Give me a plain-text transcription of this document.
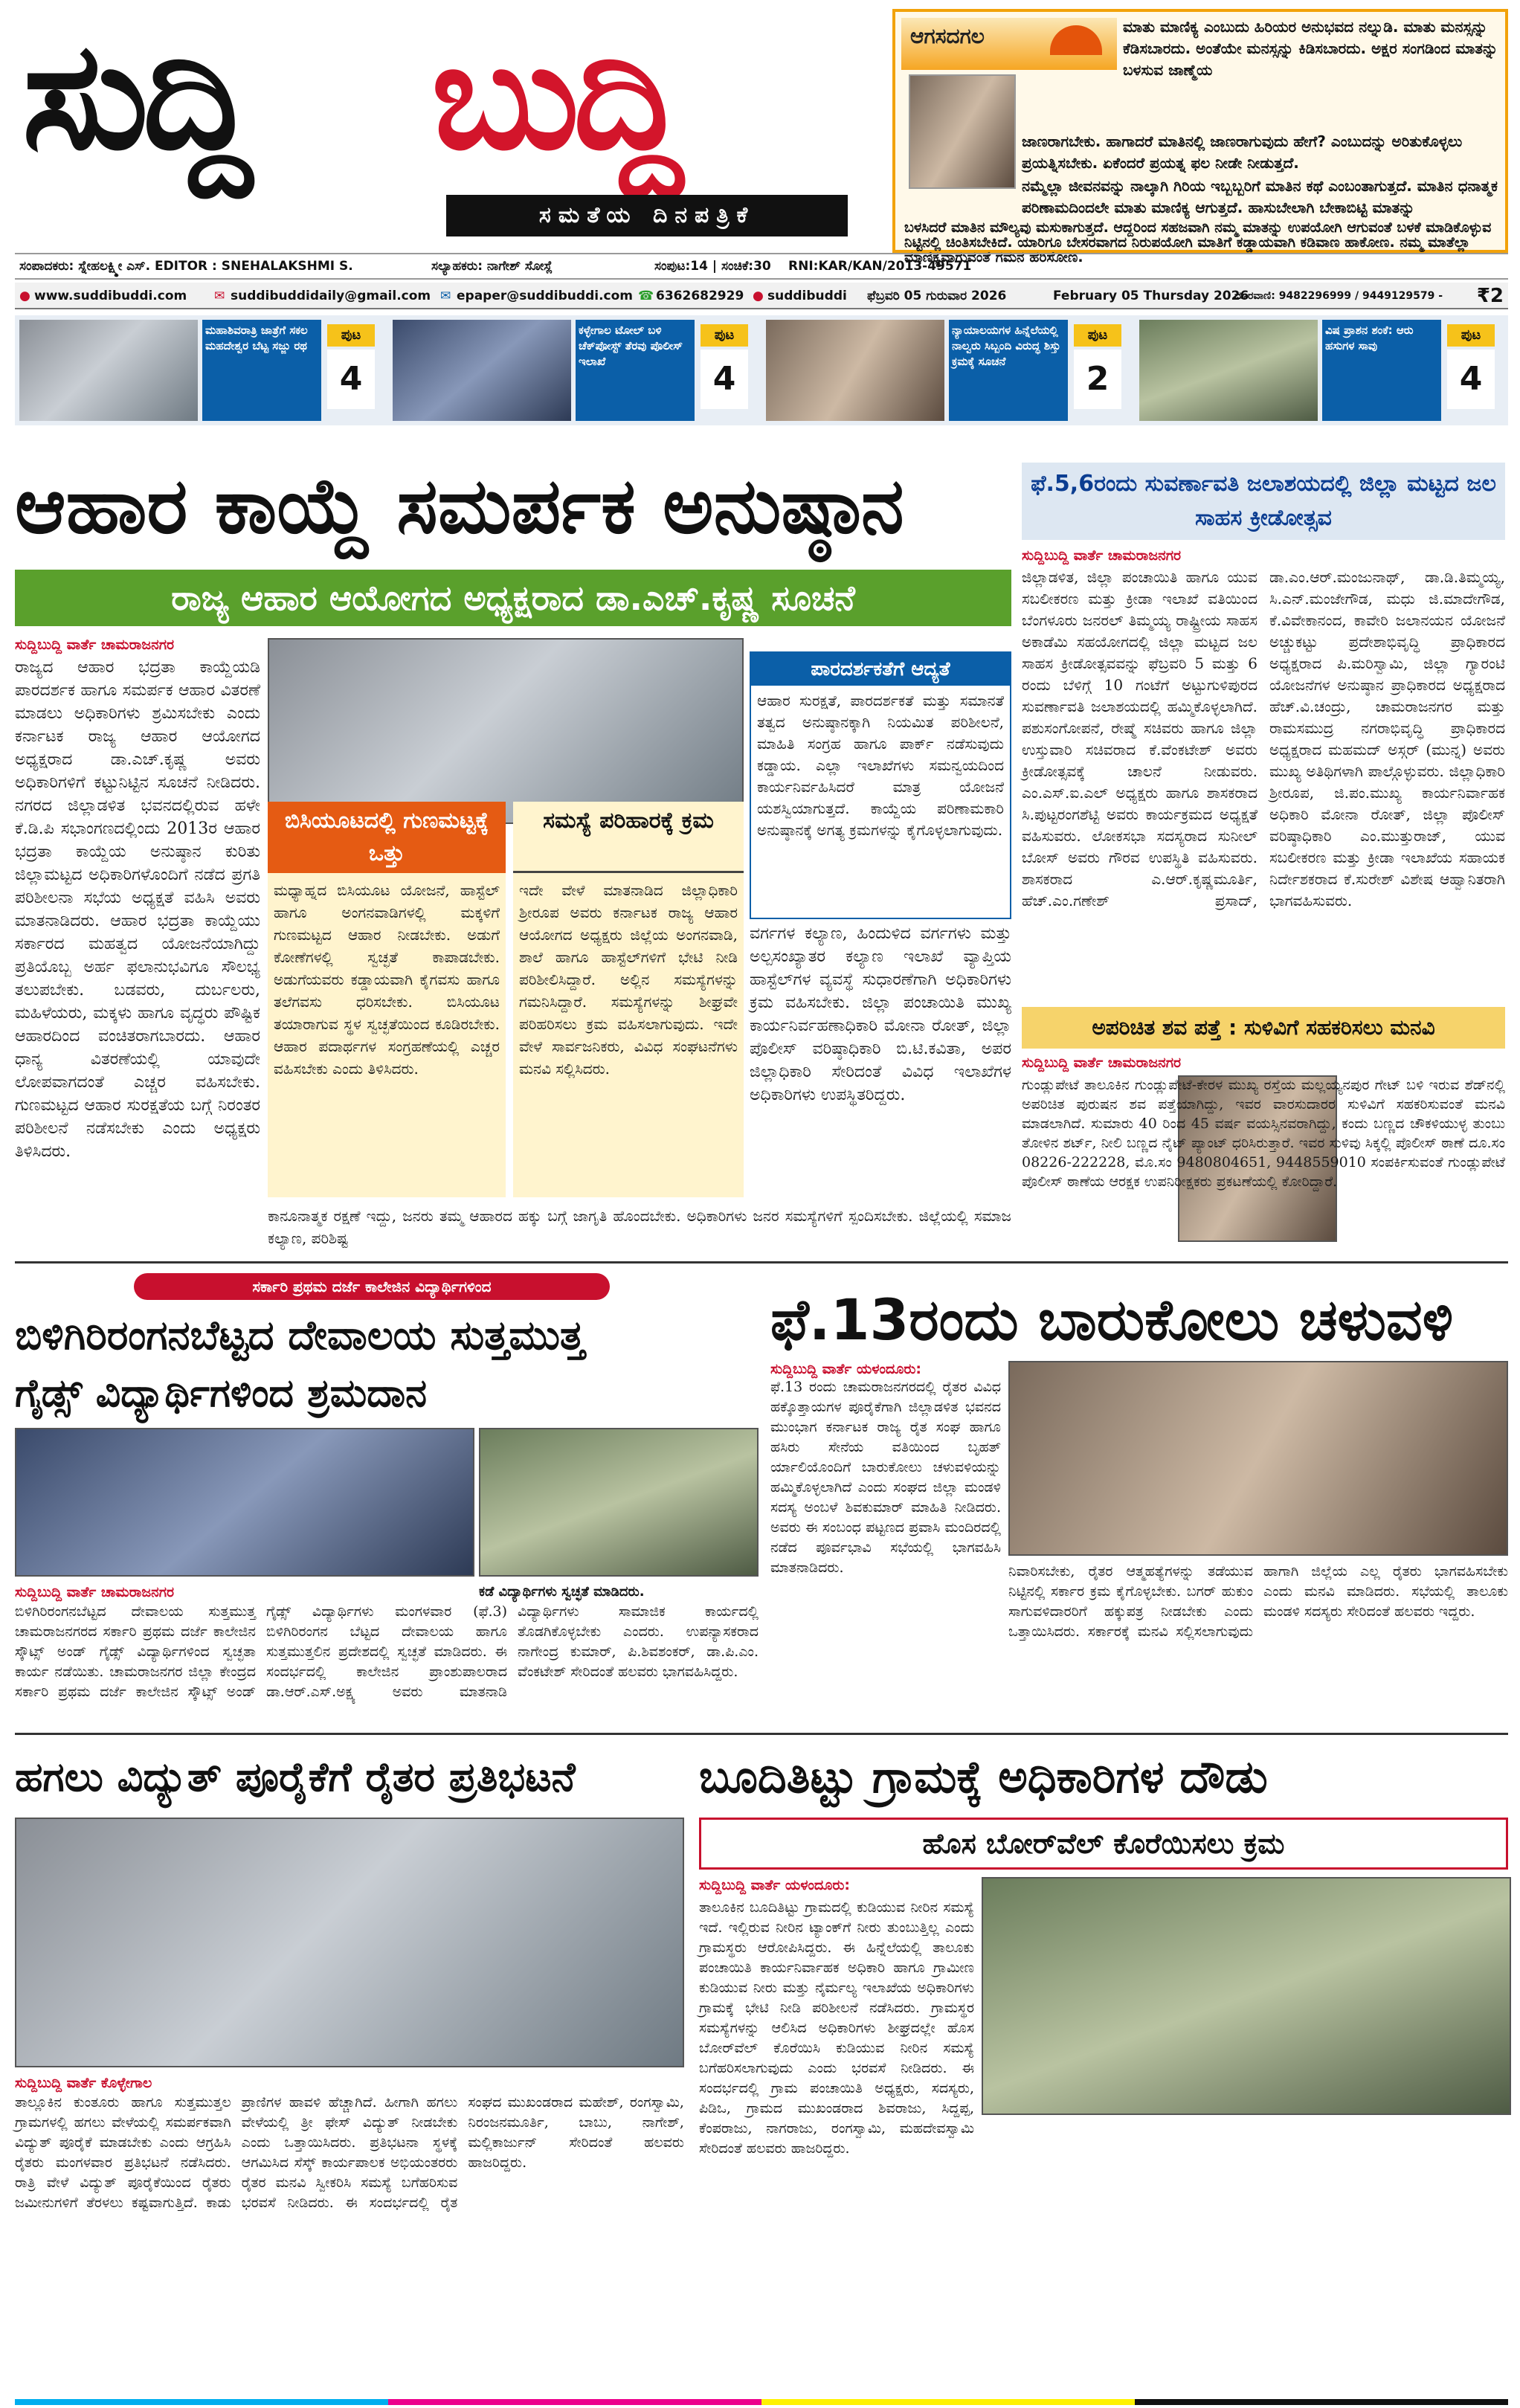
ಸುದ್ದಿ ಬುದ್ದಿ
ಸಮತೆಯ ದಿನಪತ್ರಿಕೆ
ಆಗಸದಗಲ	ಮಾತು ಮಾಣಿಕ್ಯ ಎಂಬುದು ಹಿರಿಯರ ಅನುಭವದ ನಲ್ನುಡಿ. ಮಾತು ಮನಸ್ಸನ್ನು ಕೆಡಿಸಬಾರದು. ಅಂತೆಯೇ ಮನಸ್ಸನ್ನು ಕಿಡಿಸಬಾರದು. ಅಕ್ಷರ ಸಂಗಡಿಂದ ಮಾತನ್ನು ಬಳಸುವ ಜಾಣ್ಮೆಯ
ಜಾಣರಾಗಬೇಕು. ಹಾಗಾದರೆ ಮಾತಿನಲ್ಲಿ ಜಾಣರಾಗುವುದು ಹೇಗೆ? ಎಂಬುದನ್ನು ಅರಿತುಕೊಳ್ಳಲು ಪ್ರಯತ್ನಿಸಬೇಕು. ಏಕೆಂದರೆ ಪ್ರಯತ್ನ ಫಲ ನೀಡೇ ನೀಡುತ್ತದೆ.
ನಮ್ಮೆಲ್ಲಾ ಜೀವನವನ್ನು ನಾಲ್ಕಾಗಿ ಗಿರಿಯ ಇಬ್ಬಬ್ಬರಿಗೆ ಮಾತಿನ ಕಥೆ ಎಂಬಂತಾಗುತ್ತದೆ. ಮಾತಿನ ಧನಾತ್ಮಕ ಪರಿಣಾಮದಿಂದಲೇ ಮಾತು ಮಾಣಿಕ್ಯ ಆಗುತ್ತದೆ. ಹಾಸುಬೇಲಾಗಿ ಬೇಕಾಬಿಟ್ಟಿ ಮಾತನ್ನು
ಬಳಸಿದರೆ ಮಾತಿನ ಮೌಲ್ಯವು ಮಸುಕಾಗುತ್ತದೆ. ಆದ್ದರಿಂದ ಸಹಜವಾಗಿ ನಮ್ಮ ಮಾತನ್ನು ಉಪಯೋಗಿ ಆಗುವಂತೆ ಬಳಕೆ ಮಾಡಿಕೊಳ್ಳುವ ನಿಟ್ಟಿನಲ್ಲಿ ಚಿಂತಿಸಬೇಕಿದೆ. ಯಾರಿಗೂ ಬೇಸರವಾಗದ ನಿರುಪಯೋಗಿ ಮಾತಿಗೆ ಕಡ್ಡಾಯವಾಗಿ ಕಡಿವಾಣ ಹಾಕೋಣ. ನಮ್ಮ ಮಾತೆಲ್ಲಾ ಮಾಣಿಕ್ಯವಾಗುವಂತೆ ಗಮನ ಹರಿಸೋಣ.
ಸಂಪಾದಕರು: ಸ್ನೇಹಲಕ್ಷ್ಮೀ ಎಸ್. EDITOR : SNEHALAKSHMI S.	ಸಲ್ಯಾಹಕರು: ನಾಗೇಶ್ ಸೋಸ್ಲೆ	ಸಂಪುಟ:14 | ಸಂಚಿಕೆ:30 RNI:KAR/KAN/2013-49571
● www.suddibuddi.com ✉ suddibuddidaily@gmail.com ✉ epaper@suddibuddi.com ☎ 6362682929 ● suddibuddi ಫೆಬ್ರವರಿ 05 ಗುರುವಾರ 2026	February 05 Thursday 2026
ದೂರವಾಣಿ: 9482296999 / 9449129579 -	₹2
ಮಹಾಶಿವರಾತ್ರಿ ಜಾತ್ರೆಗೆ ಸಕಲ ಮಹದೇಶ್ವರ ಬೆಟ್ಟ ಸಜ್ಜು ರಥ
ಪುಟ
4
ಕಳ್ಳೇಗಾಲ ಟೋಲ್ ಬಳಿ ಚೆಕ್‌ಪೋಸ್ಟ್ ತೆರವು ಪೊಲೀಸ್ ಇಲಾಖೆ
ಪುಟ
4
ನ್ಯಾಯಾಲಯಗಳ ಹಿನ್ನೆಲೆಯಲ್ಲಿ ನಾಲ್ವರು ಸಿಬ್ಬಂದಿ ವಿರುದ್ಧ ಶಿಸ್ತು ಕ್ರಮಕ್ಕೆ ಸೂಚನೆ
ಪುಟ
2
ವಿಷ ಪ್ರಾಶನ ಶಂಕೆ: ಆರು ಹಸುಗಳ ಸಾವು
ಪುಟ
4
ಆಹಾರ ಕಾಯ್ದೆ ಸಮರ್ಪಕ ಅನುಷ್ಠಾನ
ರಾಜ್ಯ ಆಹಾರ ಆಯೋಗದ ಅಧ್ಯಕ್ಷರಾದ ಡಾ.ಎಚ್.ಕೃಷ್ಣ ಸೂಚನೆ
ಸುದ್ದಿಬುದ್ದಿ ವಾರ್ತೆ ಚಾಮರಾಜನಗರ
ರಾಜ್ಯದ ಆಹಾರ ಭದ್ರತಾ ಕಾಯ್ದೆಯಡಿ ಪಾರದರ್ಶಕ ಹಾಗೂ ಸಮರ್ಪಕ ಆಹಾರ ವಿತರಣೆ ಮಾಡಲು ಅಧಿಕಾರಿಗಳು ಶ್ರಮಿಸಬೇಕು ಎಂದು ಕರ್ನಾಟಕ ರಾಜ್ಯ ಆಹಾರ ಆಯೋಗದ ಅಧ್ಯಕ್ಷರಾದ ಡಾ.ಎಚ್.ಕೃಷ್ಣ ಅವರು ಅಧಿಕಾರಿಗಳಿಗೆ ಕಟ್ಟುನಿಟ್ಟಿನ ಸೂಚನೆ ನೀಡಿದರು. ನಗರದ ಜಿಲ್ಲಾಡಳಿತ ಭವನದಲ್ಲಿರುವ ಹಳೇ ಕೆ.ಡಿ.ಪಿ ಸಭಾಂಗಣದಲ್ಲಿಂದು 2013ರ ಆಹಾರ ಭದ್ರತಾ ಕಾಯ್ದೆಯ ಅನುಷ್ಠಾನ ಕುರಿತು ಜಿಲ್ಲಾಮಟ್ಟದ ಅಧಿಕಾರಿಗಳೊಂದಿಗೆ ನಡೆದ ಪ್ರಗತಿ ಪರಿಶೀಲನಾ ಸಭೆಯ ಅಧ್ಯಕ್ಷತೆ ವಹಿಸಿ ಅವರು ಮಾತನಾಡಿದರು. ಆಹಾರ ಭದ್ರತಾ ಕಾಯ್ದೆಯು ಸರ್ಕಾರದ ಮಹತ್ವದ ಯೋಜನೆಯಾಗಿದ್ದು ಪ್ರತಿಯೊಬ್ಬ ಅರ್ಹ ಫಲಾನುಭವಿಗೂ ಸೌಲಭ್ಯ ತಲುಪಬೇಕು. ಬಡವರು, ದುರ್ಬಲರು, ಮಹಿಳೆಯರು, ಮಕ್ಕಳು ಹಾಗೂ ವೃದ್ಧರು ಪೌಷ್ಟಿಕ ಆಹಾರದಿಂದ ವಂಚಿತರಾಗಬಾರದು. ಆಹಾರ ಧಾನ್ಯ ವಿತರಣೆಯಲ್ಲಿ ಯಾವುದೇ ಲೋಪವಾಗದಂತೆ ಎಚ್ಚರ ವಹಿಸಬೇಕು. ಗುಣಮಟ್ಟದ ಆಹಾರ ಸುರಕ್ಷತೆಯ ಬಗ್ಗೆ ನಿರಂತರ ಪರಿಶೀಲನೆ ನಡೆಸಬೇಕು ಎಂದು ಅಧ್ಯಕ್ಷರು ತಿಳಿಸಿದರು.
ಪಾರದರ್ಶಕತೆಗೆ ಆದ್ಯತೆ
ಆಹಾರ ಸುರಕ್ಷತೆ, ಪಾರದರ್ಶಕತೆ ಮತ್ತು ಸಮಾನತೆ ತತ್ವದ ಅನುಷ್ಠಾನಕ್ಕಾಗಿ ನಿಯಮಿತ ಪರಿಶೀಲನೆ, ಮಾಹಿತಿ ಸಂಗ್ರಹ ಹಾಗೂ ಪಾರ್ಕ್ ನಡೆಸುವುದು ಕಡ್ಡಾಯ. ಎಲ್ಲಾ ಇಲಾಖೆಗಳು ಸಮನ್ವಯದಿಂದ ಕಾರ್ಯನಿರ್ವಹಿಸಿದರೆ ಮಾತ್ರ ಯೋಜನೆ ಯಶಸ್ವಿಯಾಗುತ್ತದೆ. ಕಾಯ್ದೆಯ ಪರಿಣಾಮಕಾರಿ ಅನುಷ್ಠಾನಕ್ಕೆ ಅಗತ್ಯ ಕ್ರಮಗಳನ್ನು ಕೈಗೊಳ್ಳಲಾಗುವುದು.
ಬಿಸಿಯೂಟದಲ್ಲಿ ಗುಣಮಟ್ಟಕ್ಕೆ ಒತ್ತು
ಮಧ್ಯಾಹ್ನದ ಬಿಸಿಯೂಟ ಯೋಜನೆ, ಹಾಸ್ಟೆಲ್ ಹಾಗೂ ಅಂಗನವಾಡಿಗಳಲ್ಲಿ ಮಕ್ಕಳಿಗೆ ಗುಣಮಟ್ಟದ ಆಹಾರ ನೀಡಬೇಕು. ಅಡುಗೆ ಕೋಣೆಗಳಲ್ಲಿ ಸ್ವಚ್ಛತೆ ಕಾಪಾಡಬೇಕು. ಅಡುಗೆಯವರು ಕಡ್ಡಾಯವಾಗಿ ಕೈಗವಸು ಹಾಗೂ ತಲೆಗವಸು ಧರಿಸಬೇಕು. ಬಿಸಿಯೂಟ ತಯಾರಾಗುವ ಸ್ಥಳ ಸ್ವಚ್ಛತೆಯಿಂದ ಕೂಡಿರಬೇಕು. ಆಹಾರ ಪದಾರ್ಥಗಳ ಸಂಗ್ರಹಣೆಯಲ್ಲಿ ಎಚ್ಚರ ವಹಿಸಬೇಕು ಎಂದು ತಿಳಿಸಿದರು.
ಸಮಸ್ಯೆ ಪರಿಹಾರಕ್ಕೆ ಕ್ರಮ
ಇದೇ ವೇಳೆ ಮಾತನಾಡಿದ ಜಿಲ್ಲಾಧಿಕಾರಿ ಶ್ರೀರೂಪ ಅವರು ಕರ್ನಾಟಕ ರಾಜ್ಯ ಆಹಾರ ಆಯೋಗದ ಅಧ್ಯಕ್ಷರು ಜಿಲ್ಲೆಯ ಅಂಗನವಾಡಿ, ಶಾಲೆ ಹಾಗೂ ಹಾಸ್ಟೆಲ್‌ಗಳಿಗೆ ಭೇಟಿ ನೀಡಿ ಪರಿಶೀಲಿಸಿದ್ದಾರೆ. ಅಲ್ಲಿನ ಸಮಸ್ಯೆಗಳನ್ನು ಗಮನಿಸಿದ್ದಾರೆ. ಸಮಸ್ಯೆಗಳನ್ನು ಶೀಘ್ರವೇ ಪರಿಹರಿಸಲು ಕ್ರಮ ವಹಿಸಲಾಗುವುದು. ಇದೇ ವೇಳೆ ಸಾರ್ವಜನಿಕರು, ವಿವಿಧ ಸಂಘಟನೆಗಳು ಮನವಿ ಸಲ್ಲಿಸಿದರು.
ವರ್ಗಗಳ ಕಲ್ಯಾಣ, ಹಿಂದುಳಿದ ವರ್ಗಗಳು ಮತ್ತು ಅಲ್ಪಸಂಖ್ಯಾತರ ಕಲ್ಯಾಣ ಇಲಾಖೆ ವ್ಯಾಪ್ತಿಯ ಹಾಸ್ಟೆಲ್‌ಗಳ ವ್ಯವಸ್ಥೆ ಸುಧಾರಣೆಗಾಗಿ ಅಧಿಕಾರಿಗಳು ಕ್ರಮ ವಹಿಸಬೇಕು. ಜಿಲ್ಲಾ ಪಂಚಾಯಿತಿ ಮುಖ್ಯ ಕಾರ್ಯನಿರ್ವಹಣಾಧಿಕಾರಿ ಮೋನಾ ರೋತ್, ಜಿಲ್ಲಾ ಪೊಲೀಸ್ ವರಿಷ್ಠಾಧಿಕಾರಿ ಬಿ.ಟಿ.ಕವಿತಾ, ಅಪರ ಜಿಲ್ಲಾಧಿಕಾರಿ ಸೇರಿದಂತೆ ವಿವಿಧ ಇಲಾಖೆಗಳ ಅಧಿಕಾರಿಗಳು ಉಪಸ್ಥಿತರಿದ್ದರು.
ಕಾನೂನಾತ್ಮಕ ರಕ್ಷಣೆ ಇದ್ದು, ಜನರು ತಮ್ಮ ಆಹಾರದ ಹಕ್ಕು ಬಗ್ಗೆ ಜಾಗೃತಿ ಹೊಂದಬೇಕು. ಅಧಿಕಾರಿಗಳು ಜನರ ಸಮಸ್ಯೆಗಳಿಗೆ ಸ್ಪಂದಿಸಬೇಕು. ಜಿಲ್ಲೆಯಲ್ಲಿ ಸಮಾಜ ಕಲ್ಯಾಣ, ಪರಿಶಿಷ್ಟ
ಫೆ.5,6ರಂದು ಸುವರ್ಣಾವತಿ ಜಲಾಶಯದಲ್ಲಿ ಜಿಲ್ಲಾ ಮಟ್ಟದ ಜಲ ಸಾಹಸ ಕ್ರೀಡೋತ್ಸವ
ಸುದ್ದಿಬುದ್ದಿ ವಾರ್ತೆ ಚಾಮರಾಜನಗರ
ಜಿಲ್ಲಾಡಳಿತ, ಜಿಲ್ಲಾ ಪಂಚಾಯಿತಿ ಹಾಗೂ ಯುವ ಸಬಲೀಕರಣ ಮತ್ತು ಕ್ರೀಡಾ ಇಲಾಖೆ ವತಿಯಿಂದ ಬೆಂಗಳೂರು ಜನರಲ್ ತಿಮ್ಮಯ್ಯ ರಾಷ್ಟ್ರೀಯ ಸಾಹಸ ಅಕಾಡೆಮಿ ಸಹಯೋಗದಲ್ಲಿ ಜಿಲ್ಲಾ ಮಟ್ಟದ ಜಲ ಸಾಹಸ ಕ್ರೀಡೋತ್ಸವವನ್ನು ಫೆಬ್ರವರಿ 5 ಮತ್ತು 6 ರಂದು ಬೆಳಿಗ್ಗೆ 10 ಗಂಟೆಗೆ ಅಟ್ಟುಗುಳಿಪುರದ ಸುವರ್ಣಾವತಿ ಜಲಾಶಯದಲ್ಲಿ ಹಮ್ಮಿಕೊಳ್ಳಲಾಗಿದೆ. ಪಶುಸಂಗೋಪನೆ, ರೇಷ್ಮೆ ಸಚಿವರು ಹಾಗೂ ಜಿಲ್ಲಾ ಉಸ್ತುವಾರಿ ಸಚಿವರಾದ ಕೆ.ವೆಂಕಟೇಶ್ ಅವರು ಕ್ರೀಡೋತ್ಸವಕ್ಕೆ ಚಾಲನೆ ನೀಡುವರು. ಎಂ.ಎಸ್.ಐ.ಎಲ್ ಅಧ್ಯಕ್ಷರು ಹಾಗೂ ಶಾಸಕರಾದ ಸಿ.ಪುಟ್ಟರಂಗಶೆಟ್ಟಿ ಅವರು ಕಾರ್ಯಕ್ರಮದ ಅಧ್ಯಕ್ಷತೆ ವಹಿಸುವರು. ಲೋಕಸಭಾ ಸದಸ್ಯರಾದ ಸುನೀಲ್ ಬೋಸ್ ಅವರು ಗೌರವ ಉಪಸ್ಥಿತಿ ವಹಿಸುವರು. ಶಾಸಕರಾದ ಎ.ಆರ್.ಕೃಷ್ಣಮೂರ್ತಿ, ಹೆಚ್.ಎಂ.ಗಣೇಶ್ ಪ್ರಸಾದ್, ಡಾ.ಎಂ.ಆರ್.ಮಂಜುನಾಥ್, ಡಾ.ಡಿ.ತಿಮ್ಮಯ್ಯ, ಸಿ.ಎನ್.ಮಂಜೇಗೌಡ, ಮಧು ಜಿ.ಮಾದೇಗೌಡ, ಕೆ.ವಿವೇಕಾನಂದ, ಕಾವೇರಿ ಜಲಾನಯನ ಯೋಜನೆ ಅಚ್ಚುಕಟ್ಟು ಪ್ರದೇಶಾಭಿವೃದ್ಧಿ ಪ್ರಾಧಿಕಾರದ ಅಧ್ಯಕ್ಷರಾದ ಪಿ.ಮರಿಸ್ವಾಮಿ, ಜಿಲ್ಲಾ ಗ್ಯಾರಂಟಿ ಯೋಜನೆಗಳ ಅನುಷ್ಠಾನ ಪ್ರಾಧಿಕಾರದ ಅಧ್ಯಕ್ಷರಾದ ಹೆಚ್.ವಿ.ಚಂದ್ರು, ಚಾಮರಾಜನಗರ ಮತ್ತು ರಾಮಸಮುದ್ರ ನಗರಾಭಿವೃದ್ಧಿ ಪ್ರಾಧಿಕಾರದ ಅಧ್ಯಕ್ಷರಾದ ಮಹಮದ್ ಅಸ್ಗರ್ (ಮುನ್ನ) ಅವರು ಮುಖ್ಯ ಅತಿಥಿಗಳಾಗಿ ಪಾಲ್ಗೊಳ್ಳುವರು. ಜಿಲ್ಲಾಧಿಕಾರಿ ಶ್ರೀರೂಪ, ಜಿ.ಪಂ.ಮುಖ್ಯ ಕಾರ್ಯನಿರ್ವಾಹಕ ಅಧಿಕಾರಿ ಮೋನಾ ರೋತ್, ಜಿಲ್ಲಾ ಪೊಲೀಸ್ ವರಿಷ್ಠಾಧಿಕಾರಿ ಎಂ.ಮುತ್ತುರಾಜ್, ಯುವ ಸಬಲೀಕರಣ ಮತ್ತು ಕ್ರೀಡಾ ಇಲಾಖೆಯ ಸಹಾಯಕ ನಿರ್ದೇಶಕರಾದ ಕೆ.ಸುರೇಶ್ ವಿಶೇಷ ಆಹ್ವಾನಿತರಾಗಿ ಭಾಗವಹಿಸುವರು.
ಅಪರಿಚಿತ ಶವ ಪತ್ತೆ : ಸುಳಿವಿಗೆ ಸಹಕರಿಸಲು ಮನವಿ
ಸುದ್ದಿಬುದ್ದಿ ವಾರ್ತೆ ಚಾಮರಾಜನಗರ
ಗುಂಡ್ಲುಪೇಟೆ ತಾಲೂಕಿನ ಗುಂಡ್ಲುಪೇಟೆ-ಕೇರಳ ಮುಖ್ಯ ರಸ್ತೆಯ ಮಲ್ಲಯ್ಯನಪುರ ಗೇಟ್ ಬಳಿ ಇರುವ ಶೆಡ್‌ನಲ್ಲಿ ಅಪರಿಚಿತ ಪುರುಷನ ಶವ ಪತ್ತೆಯಾಗಿದ್ದು, ಇವರ ವಾರಸುದಾರರ ಸುಳಿವಿಗೆ ಸಹಕರಿಸುವಂತೆ ಮನವಿ ಮಾಡಲಾಗಿದೆ. ಸುಮಾರು 40 ರಿಂದ 45 ವರ್ಷ ವಯಸ್ಸಿನವರಾಗಿದ್ದು, ಕಂದು ಬಣ್ಣದ ಚೌಕಳಿಯುಳ್ಳ ತುಂಬು ತೋಳಿನ ಶರ್ಟ್, ನೀಲಿ ಬಣ್ಣದ ನೈಟ್ ಪ್ಯಾಂಟ್ ಧರಿಸಿರುತ್ತಾರೆ. ಇವರ ಸುಳಿವು ಸಿಕ್ಕಲ್ಲಿ ಪೊಲೀಸ್ ಠಾಣೆ ದೂ.ಸಂ 08226-222228, ಮೊ.ಸಂ 9480804651, 9448559010 ಸಂಪರ್ಕಿಸುವಂತೆ ಗುಂಡ್ಲುಪೇಟೆ ಪೊಲೀಸ್ ಠಾಣೆಯ ಆರಕ್ಷಕ ಉಪನಿರೀಕ್ಷಕರು ಪ್ರಕಟಣೆಯಲ್ಲಿ ಕೋರಿದ್ದಾರೆ.
ಸರ್ಕಾರಿ ಪ್ರಥಮ ದರ್ಜೆ ಕಾಲೇಜಿನ ವಿದ್ಯಾರ್ಥಿಗಳಿಂದ
ಬಿಳಿಗಿರಿರಂಗನಬೆಟ್ಟದ ದೇವಾಲಯ ಸುತ್ತಮುತ್ತ
ಗೈಡ್ಸ್ ವಿದ್ಯಾರ್ಥಿಗಳಿಂದ ಶ್ರಮದಾನ
ಕಡೆ ವಿದ್ಯಾರ್ಥಿಗಳು ಸ್ವಚ್ಛತೆ ಮಾಡಿದರು.
ಸುದ್ದಿಬುದ್ದಿ ವಾರ್ತೆ ಚಾಮರಾಜನಗರ
ಬಿಳಿಗಿರಿರಂಗನಬೆಟ್ಟದ ದೇವಾಲಯ ಸುತ್ತಮುತ್ತ ಚಾಮರಾಜನಗರದ ಸರ್ಕಾರಿ ಪ್ರಥಮ ದರ್ಜೆ ಕಾಲೇಜಿನ ಸ್ಕೌಟ್ಸ್ ಅಂಡ್ ಗೈಡ್ಸ್ ವಿದ್ಯಾರ್ಥಿಗಳಿಂದ ಸ್ವಚ್ಛತಾ ಕಾರ್ಯ ನಡೆಯಿತು. ಚಾಮರಾಜನಗರ ಜಿಲ್ಲಾ ಕೇಂದ್ರದ ಸರ್ಕಾರಿ ಪ್ರಥಮ ದರ್ಜೆ ಕಾಲೇಜಿನ ಸ್ಕೌಟ್ಸ್ ಅಂಡ್ ಗೈಡ್ಸ್ ವಿದ್ಯಾರ್ಥಿಗಳು ಮಂಗಳವಾರ (ಫೆ.3) ಬಿಳಿಗಿರಿರಂಗನ ಬೆಟ್ಟದ ದೇವಾಲಯ ಹಾಗೂ ಸುತ್ತಮುತ್ತಲಿನ ಪ್ರದೇಶದಲ್ಲಿ ಸ್ವಚ್ಛತೆ ಮಾಡಿದರು. ಈ ಸಂದರ್ಭದಲ್ಲಿ ಕಾಲೇಜಿನ ಪ್ರಾಂಶುಪಾಲರಾದ ಡಾ.ಆರ್.ಎಸ್.ಅಕ್ಷ್ಯ ಅವರು ಮಾತನಾಡಿ ವಿದ್ಯಾರ್ಥಿಗಳು ಸಾಮಾಜಿಕ ಕಾರ್ಯದಲ್ಲಿ ತೊಡಗಿಕೊಳ್ಳಬೇಕು ಎಂದರು. ಉಪನ್ಯಾಸಕರಾದ ನಾಗೇಂದ್ರ ಕುಮಾರ್, ಪಿ.ಶಿವಶಂಕರ್, ಡಾ.ಪಿ.ಎಂ. ವೆಂಕಟೇಶ್ ಸೇರಿದಂತೆ ಹಲವರು ಭಾಗವಹಿಸಿದ್ದರು.
ಫೆ.13ರಂದು ಬಾರುಕೋಲು ಚಳುವಳಿ
ಸುದ್ದಿಬುದ್ದಿ ವಾರ್ತೆ ಯಳಂದೂರು:
ಫೆ.13 ರಂದು ಚಾಮರಾಜನಗರದಲ್ಲಿ ರೈತರ ವಿವಿಧ ಹಕ್ಕೊತ್ತಾಯಗಳ ಪೂರೈಕೆಗಾಗಿ ಜಿಲ್ಲಾಡಳಿತ ಭವನದ ಮುಂಭಾಗ ಕರ್ನಾಟಕ ರಾಜ್ಯ ರೈತ ಸಂಘ ಹಾಗೂ ಹಸಿರು ಸೇನೆಯ ವತಿಯಿಂದ ಬೃಹತ್ ರ್ಯಾಲಿಯೊಂದಿಗೆ ಬಾರುಕೋಲು ಚಳುವಳಿಯನ್ನು ಹಮ್ಮಿಕೊಳ್ಳಲಾಗಿದೆ ಎಂದು ಸಂಘದ ಜಿಲ್ಲಾ ಮಂಡಳಿ ಸದಸ್ಯ ಅಂಬಳೆ ಶಿವಕುಮಾರ್ ಮಾಹಿತಿ ನೀಡಿದರು. ಅವರು ಈ ಸಂಬಂಧ ಪಟ್ಟಣದ ಪ್ರವಾಸಿ ಮಂದಿರದಲ್ಲಿ ನಡೆದ ಪೂರ್ವಭಾವಿ ಸಭೆಯಲ್ಲಿ ಭಾಗವಹಿಸಿ ಮಾತನಾಡಿದರು.	ನಿವಾರಿಸಬೇಕು, ರೈತರ ಆತ್ಮಹತ್ಯೆಗಳನ್ನು ತಡೆಯುವ ನಿಟ್ಟಿನಲ್ಲಿ ಸರ್ಕಾರ ಕ್ರಮ ಕೈಗೊಳ್ಳಬೇಕು. ಬಗರ್ ಹುಕುಂ ಸಾಗುವಳಿದಾರರಿಗೆ ಹಕ್ಕುಪತ್ರ ನೀಡಬೇಕು ಎಂದು ಒತ್ತಾಯಿಸಿದರು. ಸರ್ಕಾರಕ್ಕೆ ಮನವಿ ಸಲ್ಲಿಸಲಾಗುವುದು ಹಾಗಾಗಿ ಜಿಲ್ಲೆಯ ಎಲ್ಲ ರೈತರು ಭಾಗವಹಿಸಬೇಕು ಎಂದು ಮನವಿ ಮಾಡಿದರು. ಸಭೆಯಲ್ಲಿ ತಾಲೂಕು ಮಂಡಳಿ ಸದಸ್ಯರು ಸೇರಿದಂತೆ ಹಲವರು ಇದ್ದರು.
ಹಗಲು ವಿದ್ಯುತ್ ಪೂರೈಕೆಗೆ ರೈತರ ಪ್ರತಿಭಟನೆ
ಸುದ್ದಿಬುದ್ದಿ ವಾರ್ತೆ ಕೊಳ್ಳೇಗಾಲ
ತಾಲ್ಲೂಕಿನ ಕುಂತೂರು ಹಾಗೂ ಸುತ್ತಮುತ್ತಲ ಗ್ರಾಮಗಳಲ್ಲಿ ಹಗಲು ವೇಳೆಯಲ್ಲಿ ಸಮರ್ಪಕವಾಗಿ ವಿದ್ಯುತ್ ಪೂರೈಕೆ ಮಾಡಬೇಕು ಎಂದು ಆಗ್ರಹಿಸಿ ರೈತರು ಮಂಗಳವಾರ ಪ್ರತಿಭಟನೆ ನಡೆಸಿದರು. ರಾತ್ರಿ ವೇಳೆ ವಿದ್ಯುತ್ ಪೂರೈಕೆಯಿಂದ ರೈತರು ಜಮೀನುಗಳಿಗೆ ತೆರಳಲು ಕಷ್ಟವಾಗುತ್ತಿದೆ. ಕಾಡು ಪ್ರಾಣಿಗಳ ಹಾವಳಿ ಹೆಚ್ಚಾಗಿದೆ. ಹೀಗಾಗಿ ಹಗಲು ವೇಳೆಯಲ್ಲಿ ತ್ರೀ ಫೇಸ್ ವಿದ್ಯುತ್ ನೀಡಬೇಕು ಎಂದು ಒತ್ತಾಯಿಸಿದರು. ಪ್ರತಿಭಟನಾ ಸ್ಥಳಕ್ಕೆ ಆಗಮಿಸಿದ ಸೆಸ್ಕ್ ಕಾರ್ಯಪಾಲಕ ಅಭಿಯಂತರರು ರೈತರ ಮನವಿ ಸ್ವೀಕರಿಸಿ ಸಮಸ್ಯೆ ಬಗೆಹರಿಸುವ ಭರವಸೆ ನೀಡಿದರು. ಈ ಸಂದರ್ಭದಲ್ಲಿ ರೈತ ಸಂಘದ ಮುಖಂಡರಾದ ಮಹೇಶ್, ರಂಗಸ್ವಾಮಿ, ನಿರಂಜನಮೂರ್ತಿ, ಬಾಬು, ನಾಗೇಶ್, ಮಲ್ಲಿಕಾರ್ಜುನ್ ಸೇರಿದಂತೆ ಹಲವರು ಹಾಜರಿದ್ದರು.
ಬೂದಿತಿಟ್ಟು ಗ್ರಾಮಕ್ಕೆ ಅಧಿಕಾರಿಗಳ ದೌಡು
ಹೊಸ ಬೋರ್‌ವೆಲ್ ಕೊರೆಯಿಸಲು ಕ್ರಮ
ಸುದ್ದಿಬುದ್ದಿ ವಾರ್ತೆ ಯಳಂದೂರು:
ತಾಲೂಕಿನ ಬೂದಿತಿಟ್ಟು ಗ್ರಾಮದಲ್ಲಿ ಕುಡಿಯುವ ನೀರಿನ ಸಮಸ್ಯೆ ಇದೆ. ಇಲ್ಲಿರುವ ನೀರಿನ ಟ್ಯಾಂಕ್‌ಗೆ ನೀರು ತುಂಬುತ್ತಿಲ್ಲ ಎಂದು ಗ್ರಾಮಸ್ಥರು ಆರೋಪಿಸಿದ್ದರು. ಈ ಹಿನ್ನೆಲೆಯಲ್ಲಿ ತಾಲೂಕು ಪಂಚಾಯಿತಿ ಕಾರ್ಯನಿರ್ವಾಹಕ ಅಧಿಕಾರಿ ಹಾಗೂ ಗ್ರಾಮೀಣ ಕುಡಿಯುವ ನೀರು ಮತ್ತು ನೈರ್ಮಲ್ಯ ಇಲಾಖೆಯ ಅಧಿಕಾರಿಗಳು ಗ್ರಾಮಕ್ಕೆ ಭೇಟಿ ನೀಡಿ ಪರಿಶೀಲನೆ ನಡೆಸಿದರು. ಗ್ರಾಮಸ್ಥರ ಸಮಸ್ಯೆಗಳನ್ನು ಆಲಿಸಿದ ಅಧಿಕಾರಿಗಳು ಶೀಘ್ರದಲ್ಲೇ ಹೊಸ ಬೋರ್‌ವೆಲ್ ಕೊರೆಯಿಸಿ ಕುಡಿಯುವ ನೀರಿನ ಸಮಸ್ಯೆ ಬಗೆಹರಿಸಲಾಗುವುದು ಎಂದು ಭರವಸೆ ನೀಡಿದರು. ಈ ಸಂದರ್ಭದಲ್ಲಿ ಗ್ರಾಮ ಪಂಚಾಯಿತಿ ಅಧ್ಯಕ್ಷರು, ಸದಸ್ಯರು, ಪಿಡಿಒ, ಗ್ರಾಮದ ಮುಖಂಡರಾದ ಶಿವರಾಜು, ಸಿದ್ದಪ್ಪ, ಕೆಂಪರಾಜು, ನಾಗರಾಜು, ರಂಗಸ್ವಾಮಿ, ಮಹದೇವಸ್ವಾಮಿ ಸೇರಿದಂತೆ ಹಲವರು ಹಾಜರಿದ್ದರು.
